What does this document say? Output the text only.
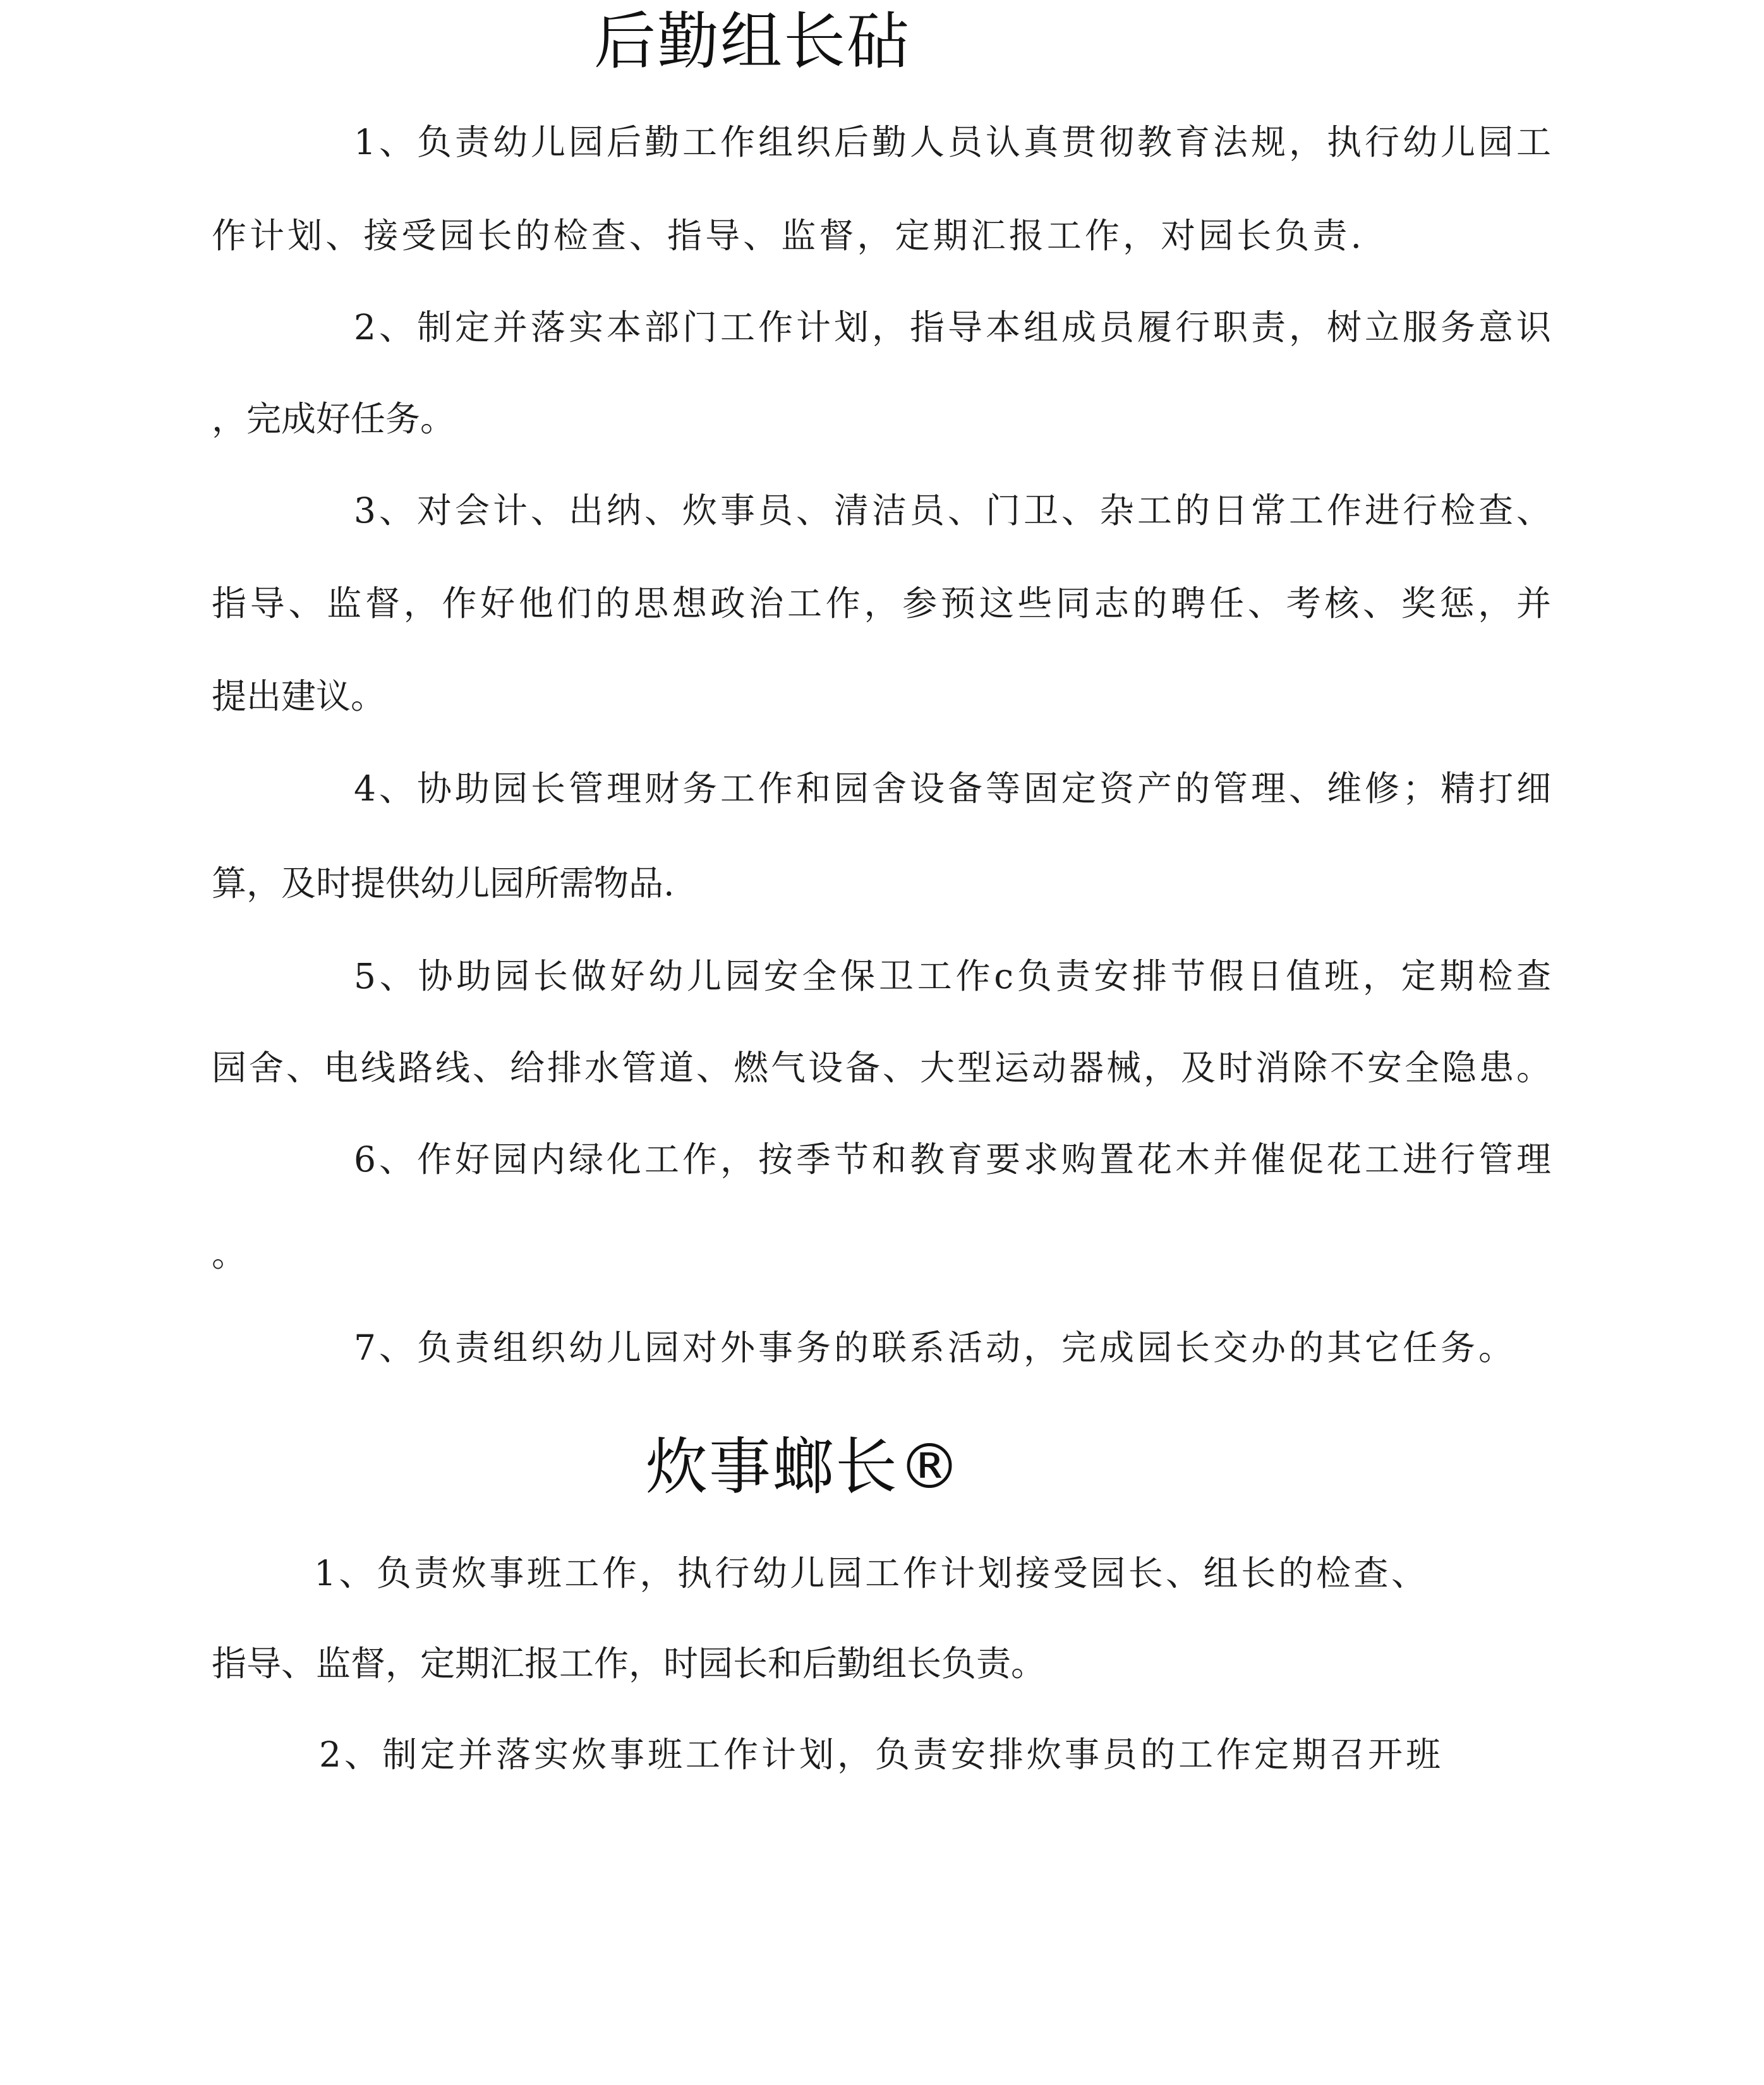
后勤组长砧
1、负责幼儿园后勤工作组织后勤人员认真贯彻教育法规，执行幼儿园工
作计划、接受园长的检查、指导、监督，定期汇报工作，对园长负责.
2、制定并落实本部门工作计划，指导本组成员履行职责，树立服务意识
，完成好任务。
3、对会计、出纳、炊事员、清洁员、门卫、杂工的日常工作进行检查、
指导、监督，作好他们的思想政治工作，参预这些同志的聘任、考核、奖惩，并
提出建议。
4、协助园长管理财务工作和园舍设备等固定资产的管理、维修；精打细
算，及时提供幼儿园所需物品.
5、协助园长做好幼儿园安全保卫工作c负责安排节假日值班，定期检查
园舍、电线路线、给排水管道、燃气设备、大型运动器械，及时消除不安全隐患。
6、作好园内绿化工作，按季节和教育要求购置花木并催促花工进行管理
。
7、负责组织幼儿园对外事务的联系活动，完成园长交办的其它任务。
炊事螂长®
1、负责炊事班工作，执行幼儿园工作计划接受园长、组长的检查、
指导、监督，定期汇报工作，时园长和后勤组长负责。
2、制定并落实炊事班工作计划，负责安排炊事员的工作定期召开班
